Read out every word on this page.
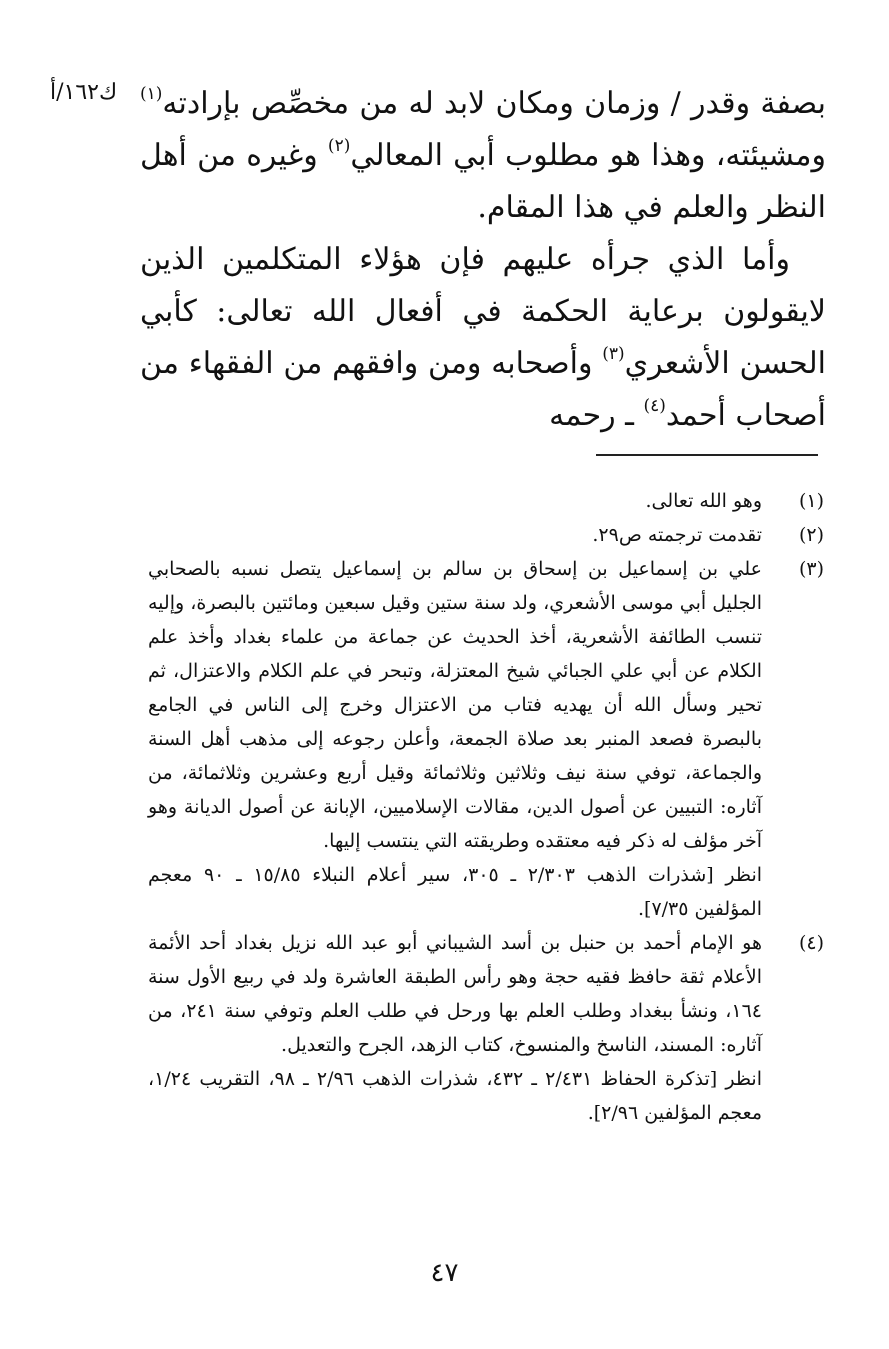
ك١٦٢/أ	بصفة وقدر / وزمان ومكان لابد له من مخصِّص بإرادته$^{(١)}$ ومشيئته، وهذا هو مطلوب أبي المعالي$^{(٢)}$ وغيره من أهل النظر والعلم في هذا المقام.

وأما الذي جرأه عليهم فإن هؤلاء المتكلمين الذين لايقولون برعاية الحكمة في أفعال الله تعالى: كأبي الحسن الأشعري$^{(٣)}$ وأصحابه ومن وافقهم من الفقهاء من أصحاب أحمد$^{(٤)}$ ـ رحمه

(١)

وهو الله تعالى.

(٢)

تقدمت ترجمته ص٢٩.

(٣)

علي بن إسماعيل بن إسحاق بن سالم بن إسماعيل يتصل نسبه بالصحابي الجليل أبي موسى الأشعري، ولد سنة ستين وقيل سبعين ومائتين بالبصرة، وإليه تنسب الطائفة الأشعرية، أخذ الحديث عن جماعة من علماء بغداد وأخذ علم الكلام عن أبي علي الجبائي شيخ المعتزلة، وتبحر في علم الكلام والاعتزال، ثم تحير وسأل الله أن يهديه فتاب من الاعتزال وخرج إلى الناس في الجامع بالبصرة فصعد المنبر بعد صلاة الجمعة، وأعلن رجوعه إلى مذهب أهل السنة والجماعة، توفي سنة نيف وثلاثين وثلاثمائة وقيل أربع وعشرين وثلاثمائة، من آثاره: التبيين عن أصول الدين، مقالات الإسلاميين، الإبانة عن أصول الديانة وهو آخر مؤلف له ذكر فيه معتقده وطريقته التي ينتسب إليها.

انظر [شذرات الذهب ٢/٣٠٣ ـ ٣٠٥، سير أعلام النبلاء ١٥/٨٥ ـ ٩٠ معجم المؤلفين ٧/٣٥].

(٤)

هو الإمام أحمد بن حنبل بن أسد الشيباني أبو عبد الله نزيل بغداد أحد الأئمة الأعلام ثقة حافظ فقيه حجة وهو رأس الطبقة العاشرة ولد في ربيع الأول سنة ١٦٤، ونشأ ببغداد وطلب العلم بها ورحل في طلب العلم وتوفي سنة ٢٤١، من آثاره: المسند، الناسخ والمنسوخ، كتاب الزهد، الجرح والتعديل.

انظر [تذكرة الحفاظ ٢/٤٣١ ـ ٤٣٢، شذرات الذهب ٢/٩٦ ـ ٩٨، التقريب ١/٢٤، معجم المؤلفين ٢/٩٦].

٤٧
